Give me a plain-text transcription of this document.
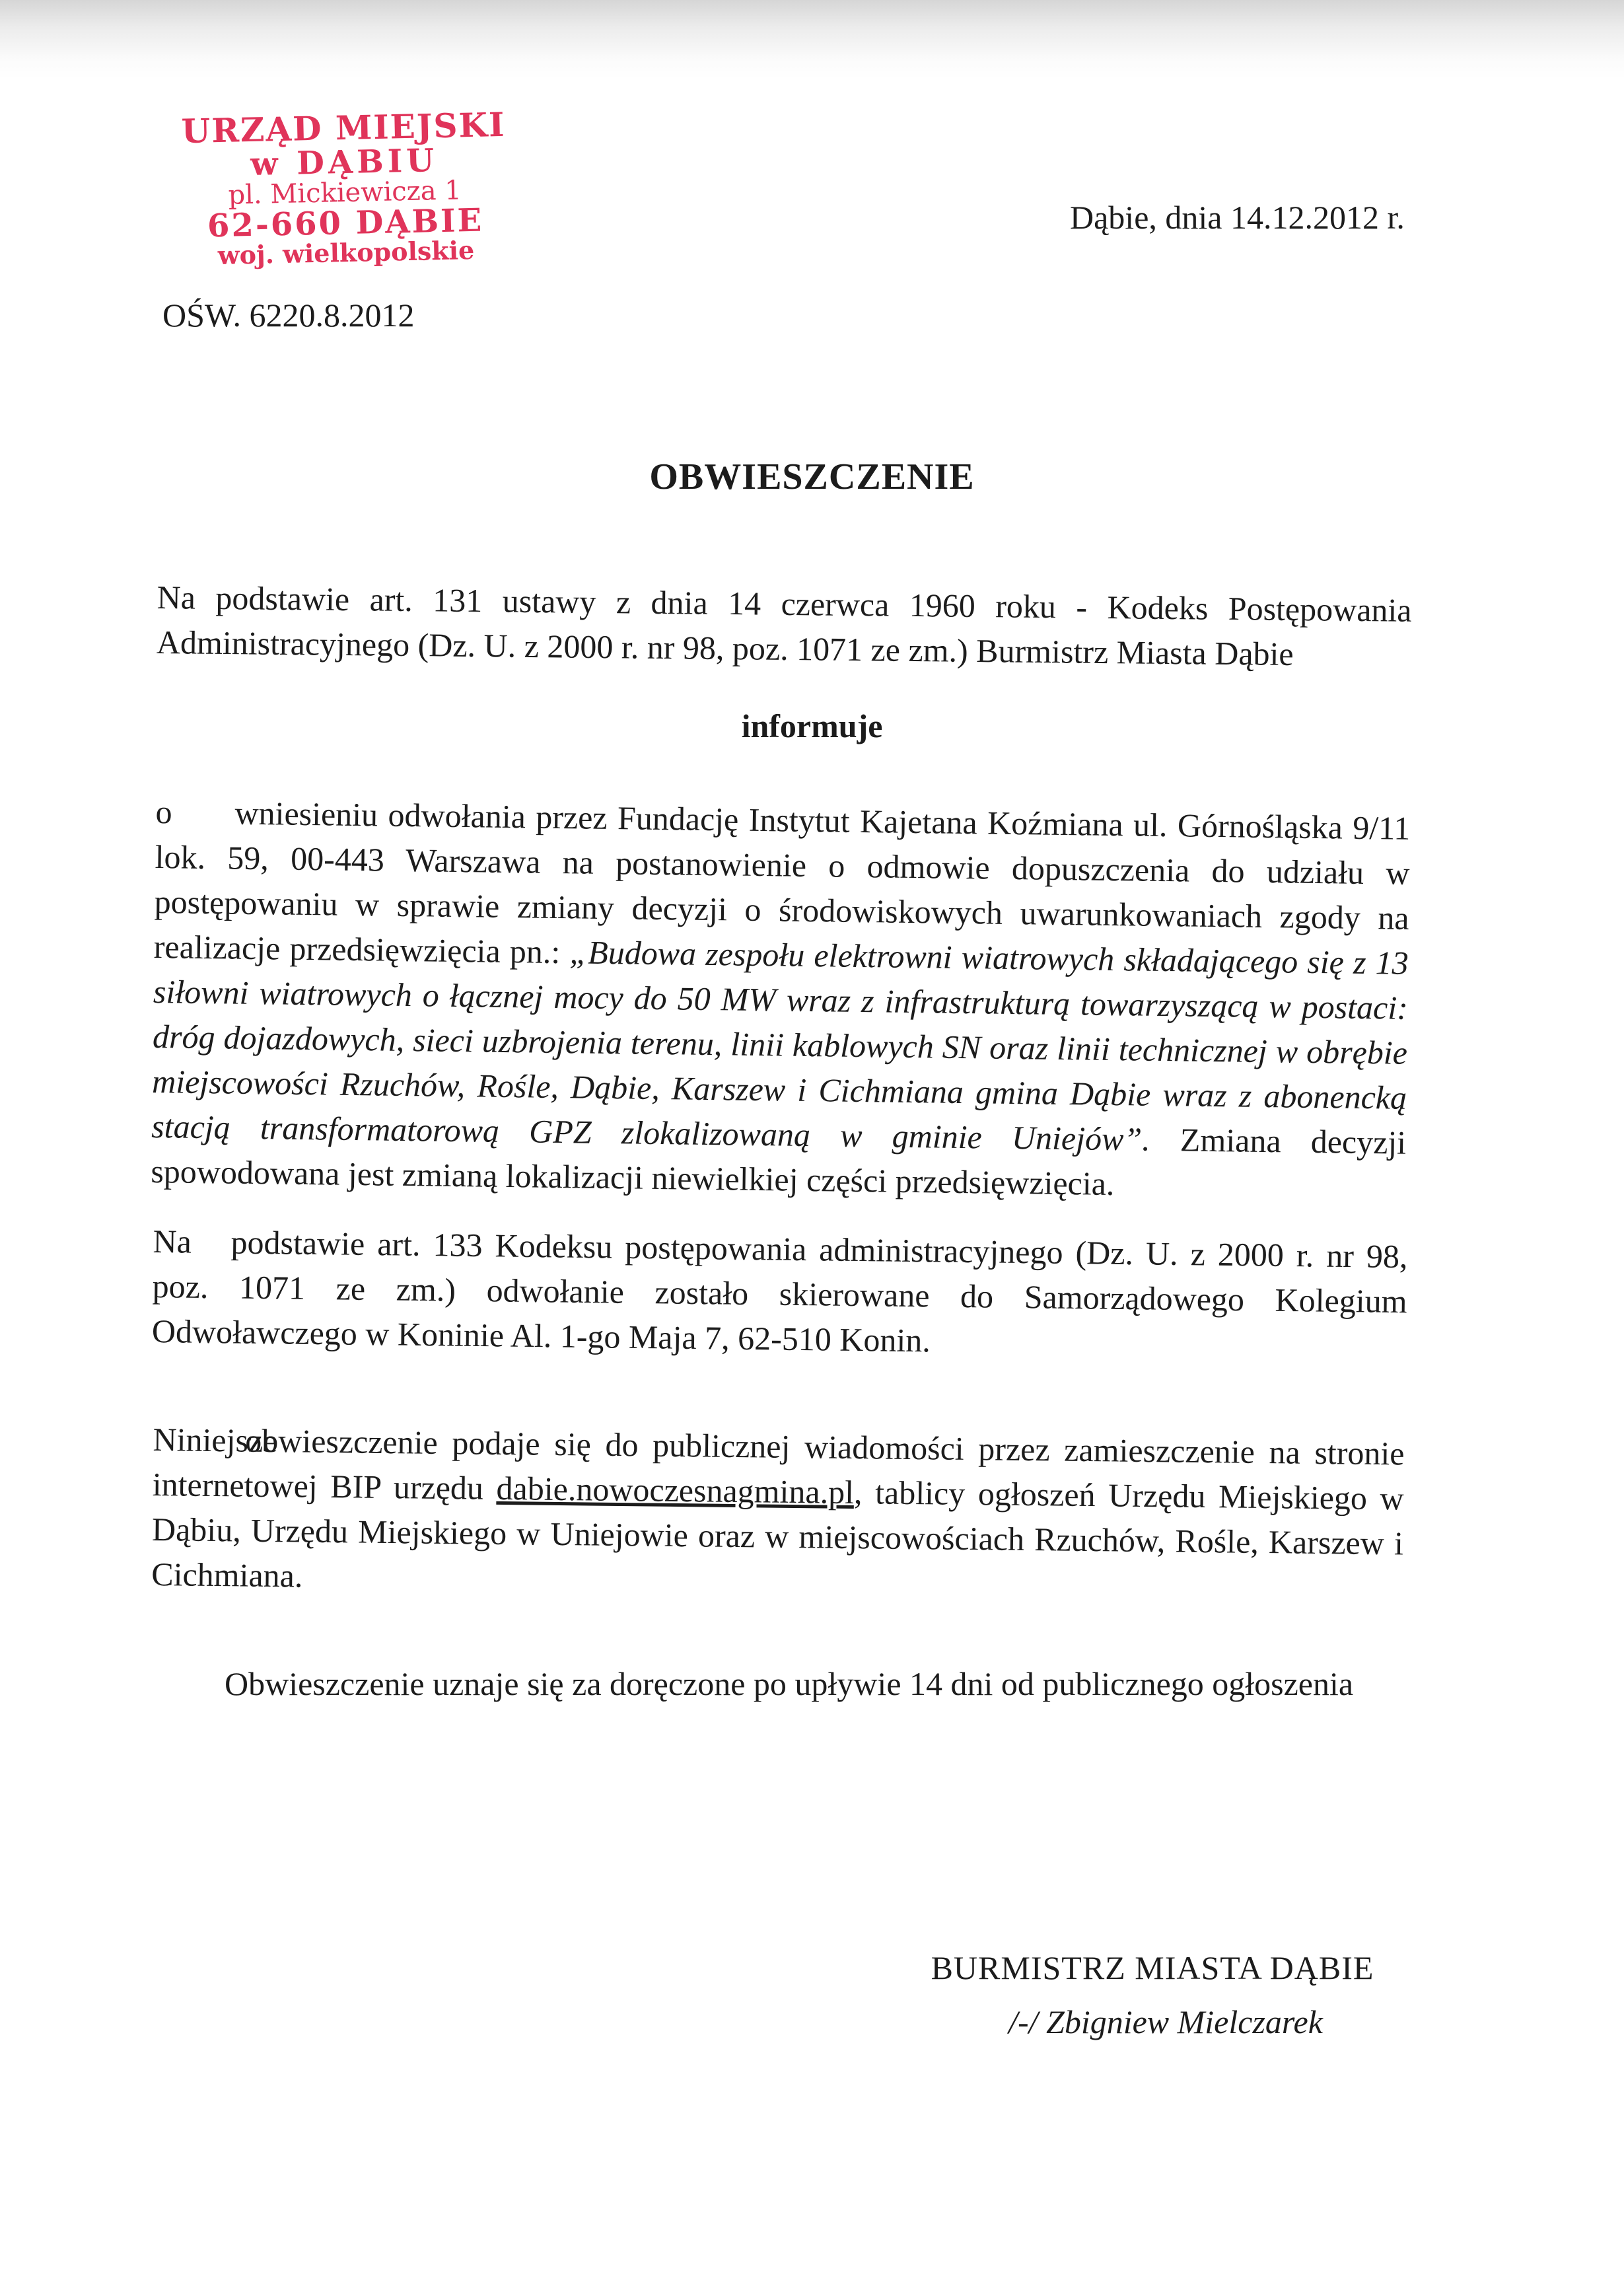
URZĄD MIEJSKI
w DĄBIU
pl. Mickiewicza 1
62-660 DĄBIE
woj. wielkopolskie
Dąbie, dnia 14.12.2012 r.
OŚW. 6220.8.2012
OBWIESZCZENIE
Na podstawie art. 131 ustawy z dnia 14 czerwca 1960 roku - Kodeks Postępowania Administracyjnego (Dz. U. z 2000 r. nr 98, poz. 1071 ze zm.) Burmistrz Miasta Dąbie
informuje
o wniesieniu odwołania przez Fundację Instytut Kajetana Koźmiana ul. Górnośląska 9/11 lok. 59, 00-443 Warszawa na postanowienie o odmowie dopuszczenia do udziału w postępowaniu w sprawie zmiany decyzji o środowiskowych uwarunkowaniach zgody na realizacje przedsięwzięcia pn.: „Budowa zespołu elektrowni wiatrowych składającego się z 13 siłowni wiatrowych o łącznej mocy do 50 MW wraz z infrastrukturą towarzyszącą w postaci: dróg dojazdowych, sieci uzbrojenia terenu, linii kablowych SN oraz linii technicznej w obrębie miejscowości Rzuchów, Rośle, Dąbie, Karszew i Cichmiana gmina Dąbie wraz z abonencką stacją transformatorową GPZ zlokalizowaną w gminie Uniejów”. Zmiana decyzji spowodowana jest zmianą lokalizacji niewielkiej części przedsięwzięcia.
Na podstawie art. 133 Kodeksu postępowania administracyjnego (Dz. U. z 2000 r. nr 98, poz. 1071 ze zm.) odwołanie zostało skierowane do Samorządowego Kolegium Odwoławczego w Koninie Al. 1-go Maja 7, 62-510 Konin.
Niniejsze obwieszczenie podaje się do publicznej wiadomości przez zamieszczenie na stronie internetowej BIP urzędu dabie.nowoczesnagmina.pl, tablicy ogłoszeń Urzędu Miejskiego w Dąbiu, Urzędu Miejskiego w Uniejowie oraz w miejscowościach Rzuchów, Rośle, Karszew i Cichmiana.
Obwieszczenie uznaje się za doręczone po upływie 14 dni od publicznego ogłoszenia
BURMISTRZ MIASTA DĄBIE
/-/ Zbigniew Mielczarek
